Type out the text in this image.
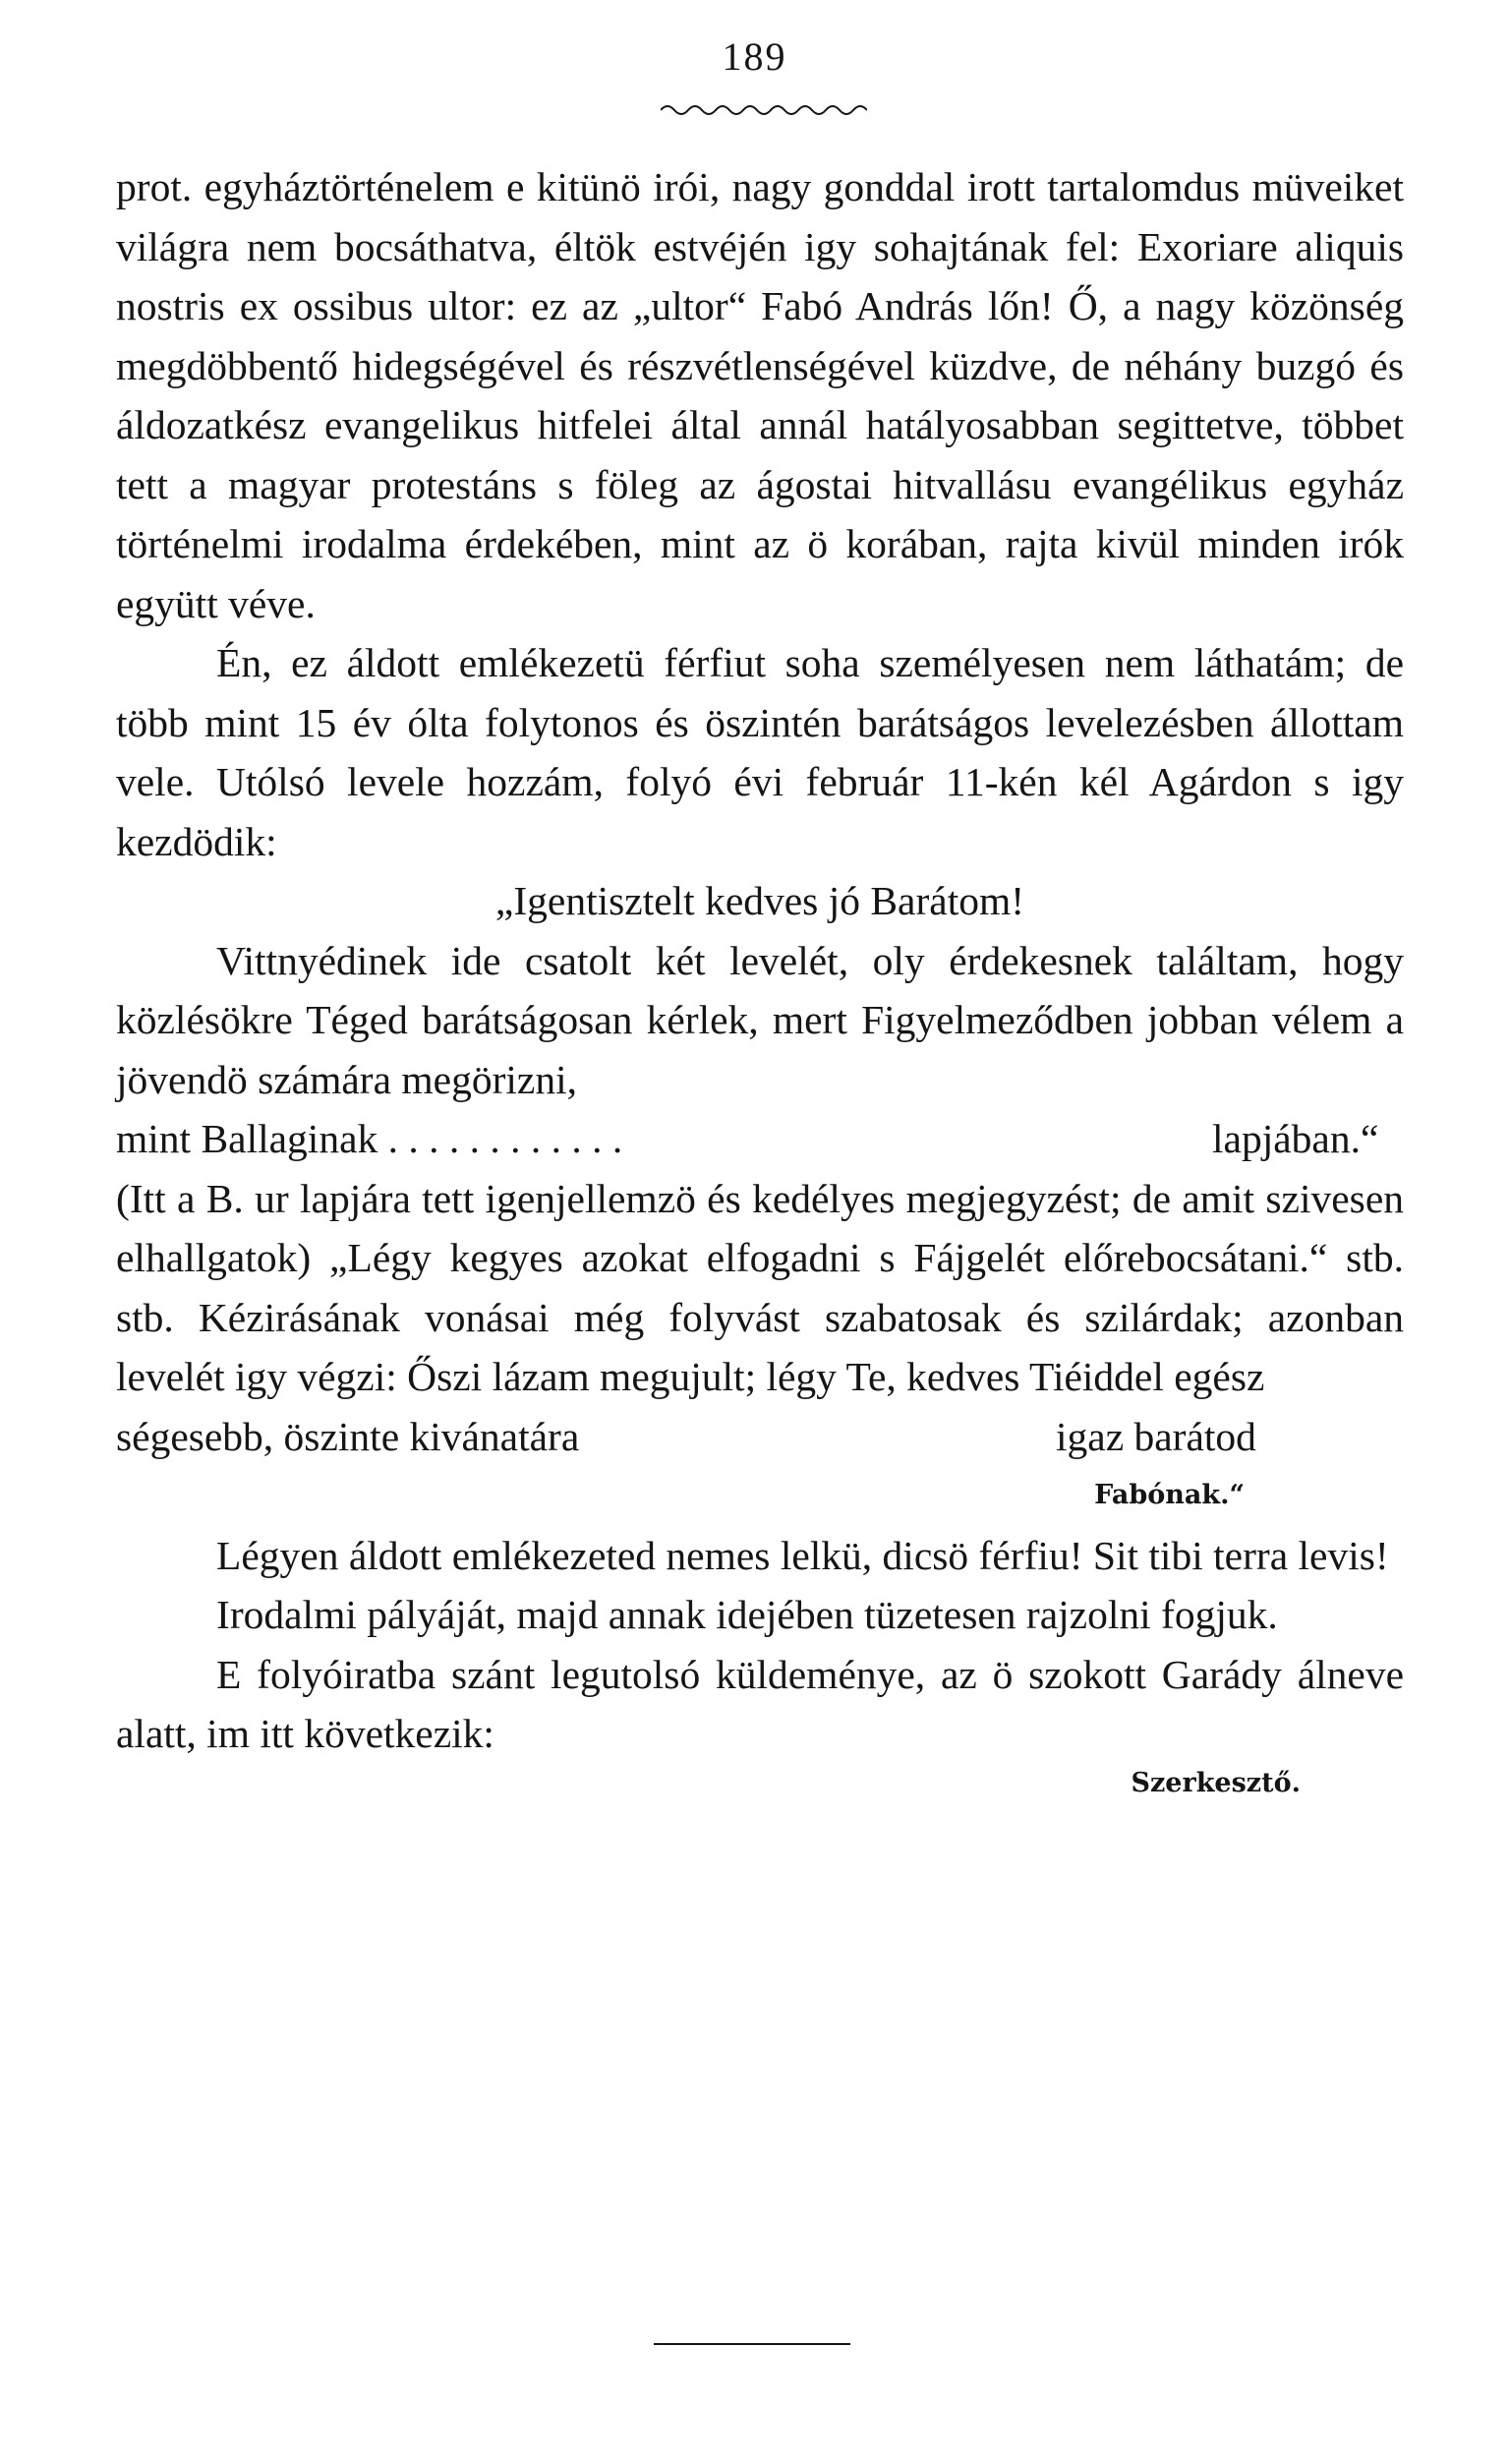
189

prot. egyháztörténelem e kitünö irói, nagy gonddal irott tartalomdus müveiket világra nem bocsáthatva, éltök estvéjén igy sohajtának fel: Exoriare aliquis nostris ex ossibus ultor: ez az „ultor“ Fabó András lőn! Ő, a nagy közönség megdöbbentő hidegségével és részvétlenségével küzdve, de néhány buzgó és áldozatkész evangelikus hitfelei által annál hatályosabban segittetve, többet tett a magyar protestáns s föleg az ágostai hitvallásu evangélikus egyház történelmi irodalma érdekében, mint az ö korában, rajta kivül minden irók együtt véve.

Én, ez áldott emlékezetü férfiut soha személyesen nem láthatám; de több mint 15 év ólta folytonos és öszintén barátságos levelezésben állottam vele. Utólsó levele hozzám, folyó évi február 11-kén kél Agárdon s igy kezdödik:

„Igentisztelt kedves jó Barátom!

Vittnyédinek ide csatolt két levelét, oly érdekesnek találtam, hogy közlésökre Téged barátságosan kérlek, mert Figyelmeződben jobban vélem a jövendö számára megörizni,

mint Ballaginak . . . . . . . . . . . .	lapjában.“

(Itt a B. ur lapjára tett igenjellemzö és kedélyes megjegyzést; de amit szivesen elhallgatok) „Légy kegyes azokat elfogadni s Fájgelét előrebocsátani.“ stb. stb. Kézirásának vonásai még folyvást szabatosak és szilárdak; azonban levelét igy végzi: Őszi lázam megujult; légy Te, kedves Tiéiddel egész

ségesebb, öszinte kivánatára	igaz barátod

Fabónak.“

Légyen áldott emlékezeted nemes lelkü, dicsö férfiu! Sit tibi terra levis!

Irodalmi pályáját, majd annak idejében tüzetesen rajzolni fogjuk.

E folyóiratba szánt legutolsó küldeménye, az ö szokott Garády álneve alatt, im itt következik:

Szerkesztő.
